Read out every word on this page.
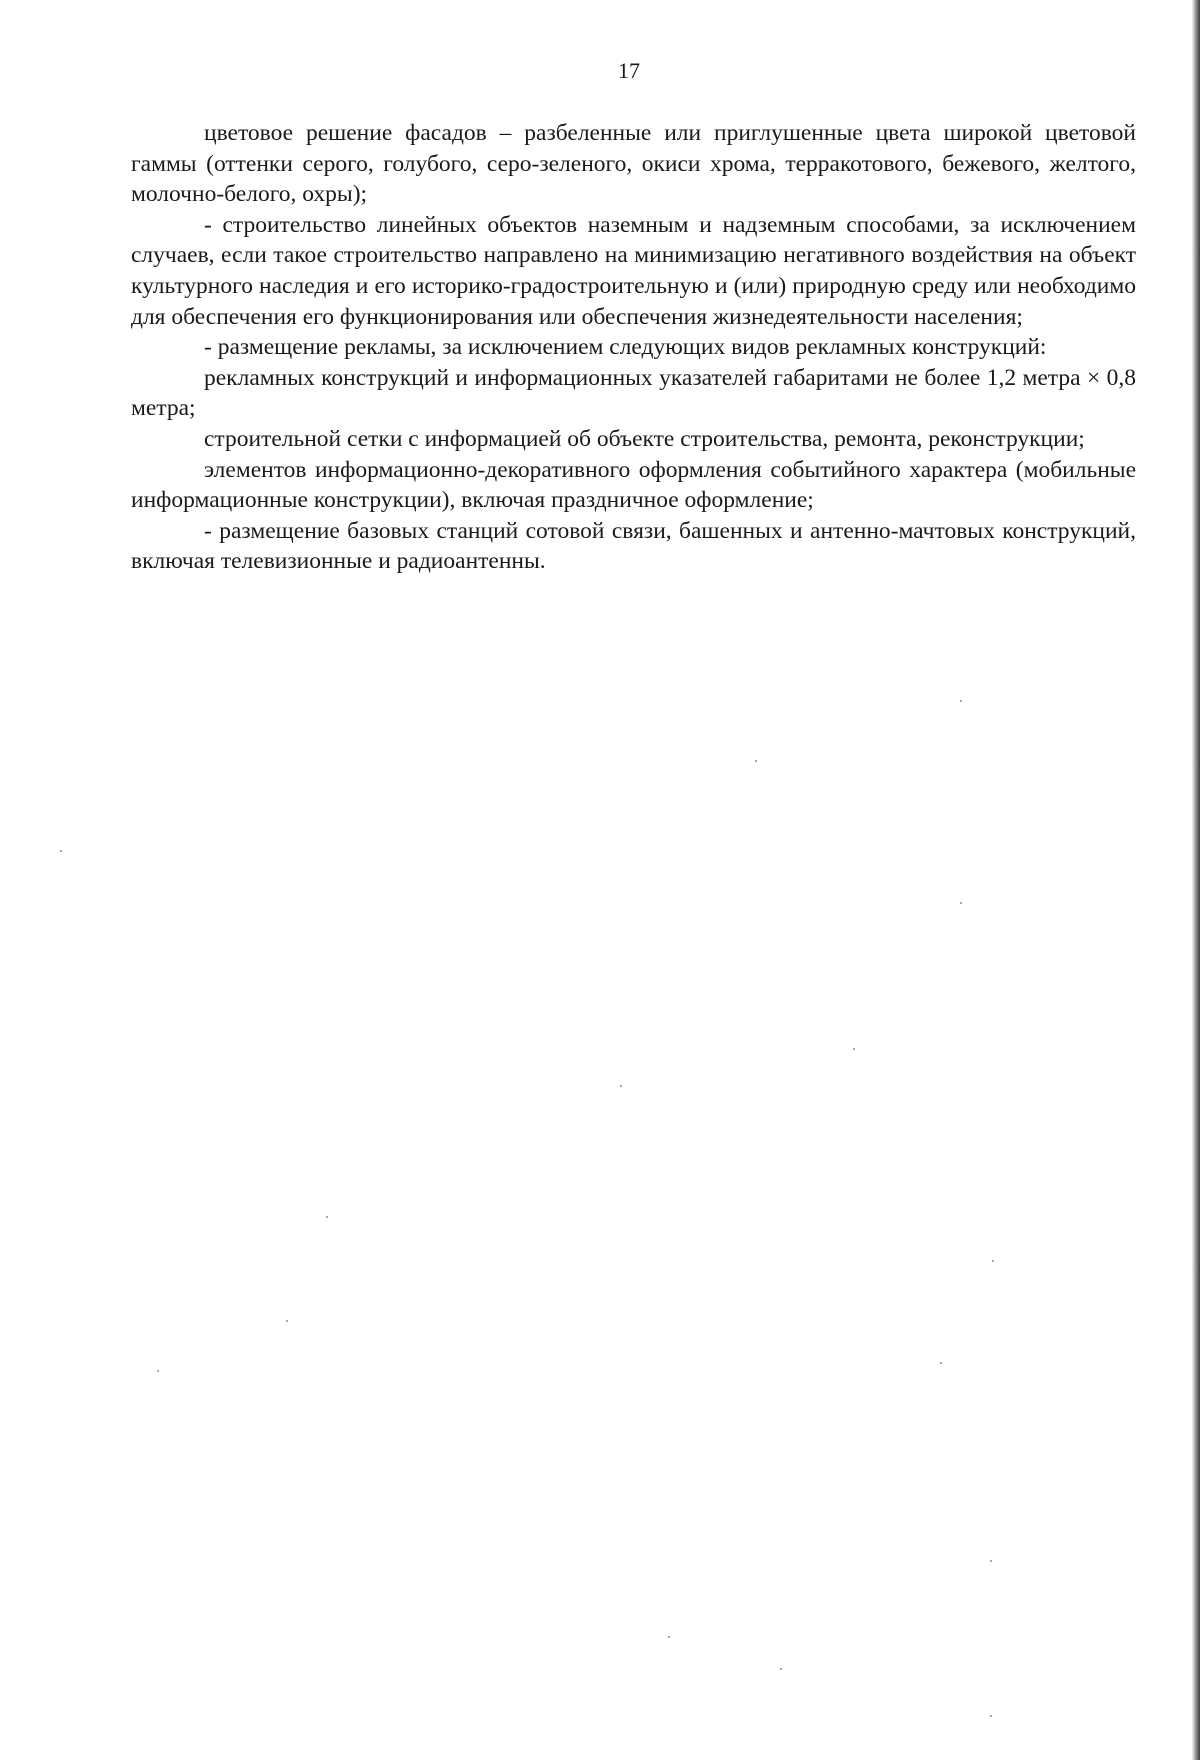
17

цветовое решение фасадов – разбеленные или приглушенные цвета широкой цветовой гаммы (оттенки серого, голубого, серо-зеленого, окиси хрома, терракотового, бежевого, желтого, молочно-белого, охры);

- строительство линейных объектов наземным и надземным способами, за исключением случаев, если такое строительство направлено на минимизацию негативного воздействия на объект культурного наследия и его историко-градостроительную и (или) природную среду или необходимо для обеспечения его функционирования или обеспечения жизнедеятельности населения;

- размещение рекламы, за исключением следующих видов рекламных конструкций:

рекламных конструкций и информационных указателей габаритами не более 1,2 метра × 0,8 метра;

строительной сетки с информацией об объекте строительства, ремонта, реконструкции;

элементов информационно-декоративного оформления событийного характера (мобильные информационные конструкции), включая праздничное оформление;

- размещение базовых станций сотовой связи, башенных и антенно-мачтовых конструкций, включая телевизионные и радиоантенны.
